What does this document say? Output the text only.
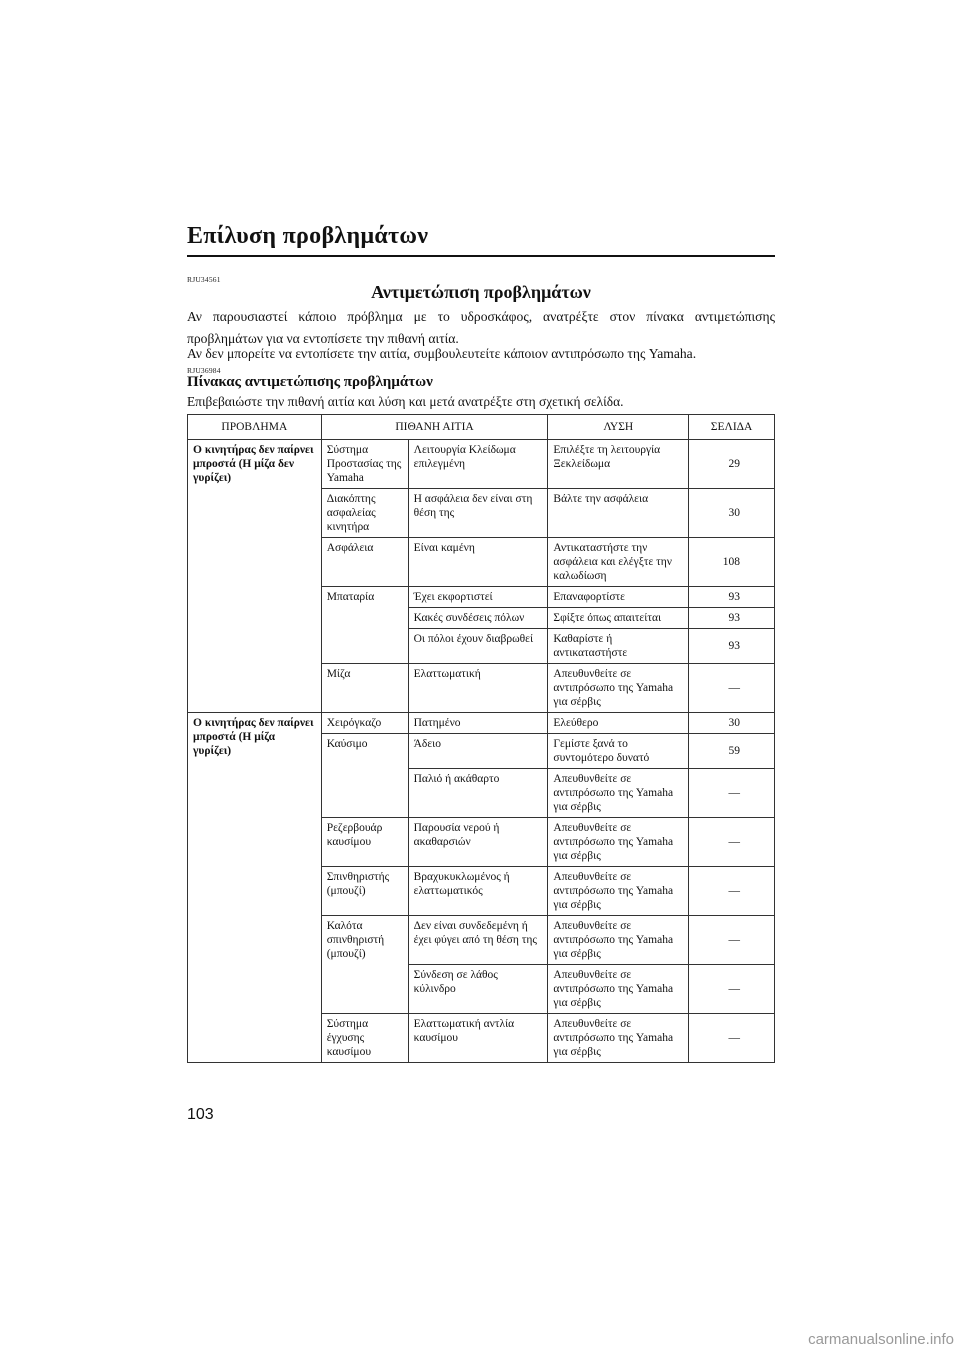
Επίλυση προβλημάτων
RJU34561
Αντιμετώπιση προβλημάτων
Αν παρουσιαστεί κάποιο πρόβλημα με το υδροσκάφος, ανατρέξτε στον πίνακα αντιμετώπισης προβλημάτων για να εντοπίσετε την πιθανή αιτία.
Αν δεν μπορείτε να εντοπίσετε την αιτία, συμβουλευτείτε κάποιον αντιπρόσωπο της Yamaha.
RJU36984
Πίνακας αντιμετώπισης προβλημάτων
Επιβεβαιώστε την πιθανή αιτία και λύση και μετά ανατρέξτε στη σχετική σελίδα.
ΠΡΟΒΛΗΜΑ	ΠΙΘΑΝΗ ΑΙΤΙΑ		ΛΥΣΗ	ΣΕΛΙΔΑ
Ο κινητήρας δεν παίρνει μπροστά (Η μίζα δεν γυρίζει)	Σύστημα Προστασίας της Yamaha	Λειτουργία Κλείδωμα επιλεγμένη	Επιλέξτε τη λειτουργία Ξεκλείδωμα	29
	Διακόπτης ασφαλείας κινητήρα	Η ασφάλεια δεν είναι στη θέση της	Βάλτε την ασφάλεια	30
	Ασφάλεια	Είναι καμένη	Αντικαταστήστε την ασφάλεια και ελέγξτε την καλωδίωση	108
	Μπαταρία	Έχει εκφορτιστεί	Επαναφορτίστε	93
		Κακές συνδέσεις πόλων	Σφίξτε όπως απαιτείται	93
		Οι πόλοι έχουν διαβρωθεί	Καθαρίστε ή αντικαταστήστε	93
	Μίζα	Ελαττωματική	Απευθυνθείτε σε αντιπρόσωπο της Yamaha για σέρβις	—
Ο κινητήρας δεν παίρνει μπροστά (Η μίζα γυρίζει)	Χειρόγκαζο	Πατημένο	Ελεύθερο	30
	Καύσιμο	Άδειο	Γεμίστε ξανά το συντομότερο δυνατό	59
		Παλιό ή ακάθαρτο	Απευθυνθείτε σε αντιπρόσωπο της Yamaha για σέρβις	—
	Ρεζερβουάρ καυσίμου	Παρουσία νερού ή ακαθαρσιών	Απευθυνθείτε σε αντιπρόσωπο της Yamaha για σέρβις	—
	Σπινθηριστής (μπουζί)	Βραχυκυκλωμένος ή ελαττωματικός	Απευθυνθείτε σε αντιπρόσωπο της Yamaha για σέρβις	—
	Καλότα σπινθηριστή (μπουζί)	Δεν είναι συνδεδεμένη ή έχει φύγει από τη θέση της	Απευθυνθείτε σε αντιπρόσωπο της Yamaha για σέρβις	—
		Σύνδεση σε λάθος κύλινδρο	Απευθυνθείτε σε αντιπρόσωπο της Yamaha για σέρβις	—
	Σύστημα έγχυσης καυσίμου	Ελαττωματική αντλία καυσίμου	Απευθυνθείτε σε αντιπρόσωπο της Yamaha για σέρβις	—
103
carmanualsonline.info
